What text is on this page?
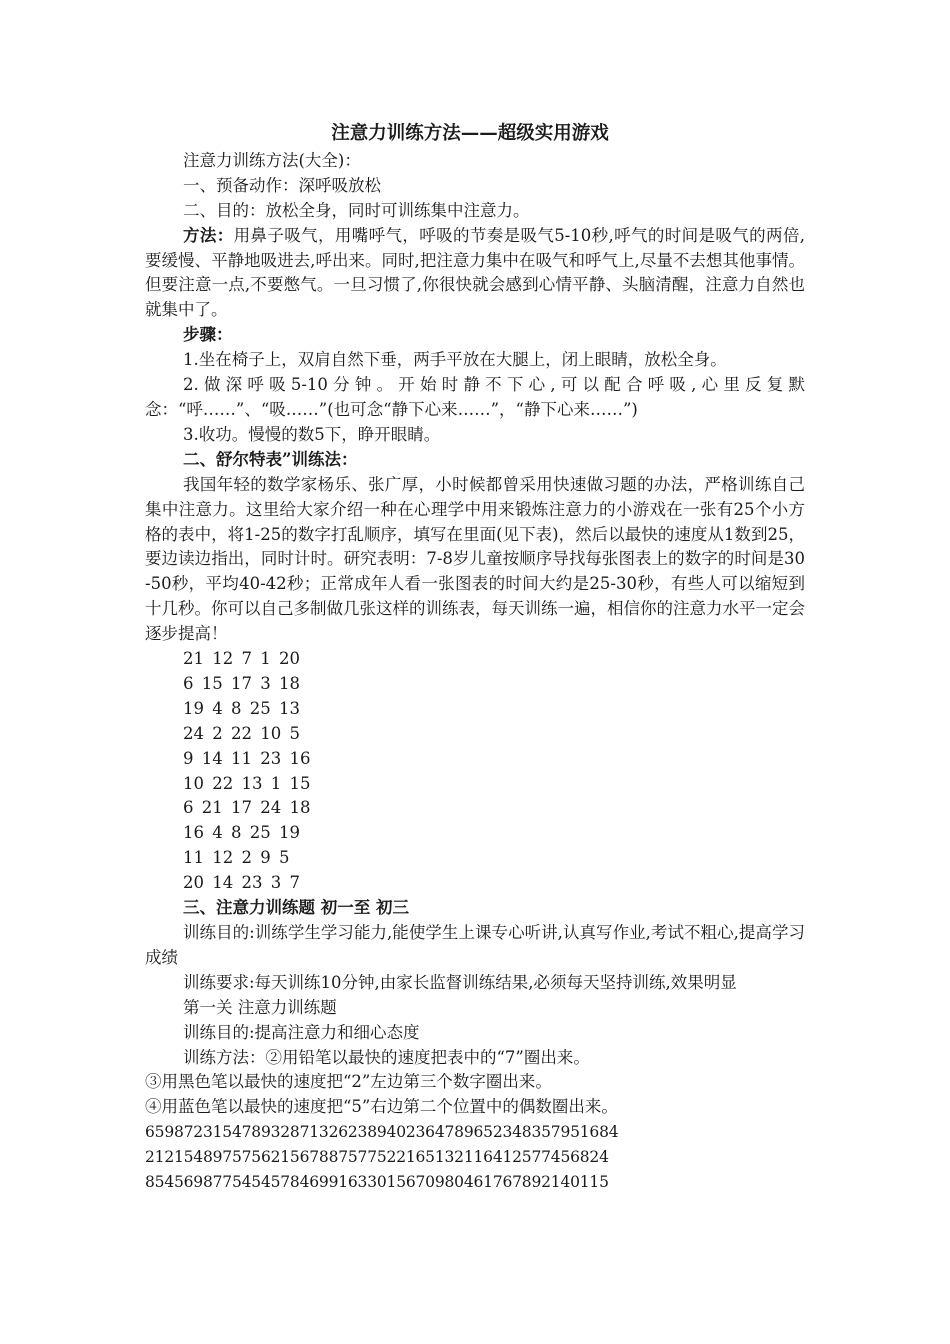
注意力训练方法——超级实用游戏
注意力训练方法(大全)：
一、预备动作：深呼吸放松
二、目的：放松全身，同时可训练集中注意力。
方法：用鼻子吸气，用嘴呼气，呼吸的节奏是吸气5-10秒,呼气的时间是吸气的两倍,要缓慢、平静地吸进去,呼出来。同时,把注意力集中在吸气和呼气上,尽量不去想其他事情。但要注意一点,不要憋气。一旦习惯了,你很快就会感到心情平静、头脑清醒，注意力自然也就集中了。
步骤：
1.坐在椅子上，双肩自然下垂，两手平放在大腿上，闭上眼睛，放松全身。
2.做深呼吸5-10分钟。开始时静不下心,可以配合呼吸,心里反复默念：“呼……”、“吸……”(也可念“静下心来……”，“静下心来……”)
3.收功。慢慢的数5下，睁开眼睛。
二、舒尔特表”训练法：
我国年轻的数学家杨乐、张广厚，小时候都曾采用快速做习题的办法，严格训练自己集中注意力。这里给大家介绍一种在心理学中用来锻炼注意力的小游戏在一张有25个小方格的表中，将1-25的数字打乱顺序，填写在里面(见下表)，然后以最快的速度从1数到25，要边读边指出，同时计时。研究表明：7-8岁儿童按顺序导找每张图表上的数字的时间是30-50秒，平均40-42秒；正常成年人看一张图表的时间大约是25-30秒，有些人可以缩短到十几秒。你可以自己多制做几张这样的训练表，每天训练一遍，相信你的注意力水平一定会逐步提高！
21 12 7 1 20
6 15 17 3 18
19 4 8 25 13
24 2 22 10 5
9 14 11 23 16
10 22 13 1 15
6 21 17 24 18
16 4 8 25 19
11 12 2 9 5
20 14 23 3 7
三、注意力训练题 初一至 初三
训练目的:训练学生学习能力,能使学生上课专心听讲,认真写作业,考试不粗心,提高学习成绩
训练要求:每天训练10分钟,由家长监督训练结果,必须每天坚持训练,效果明显
第一关 注意力训练题
训练目的:提高注意力和细心态度
训练方法：②用铅笔以最快的速度把表中的“7”圈出来。
③用黑色笔以最快的速度把“2”左边第三个数字圈出来。
④用蓝色笔以最快的速度把“5”右边第二个位置中的偶数圈出来。
659872315478932871326238940236478965234835795​1684
212154897575621567887577522165132116412577456824
854569877545457846991633015670980461767892140115
